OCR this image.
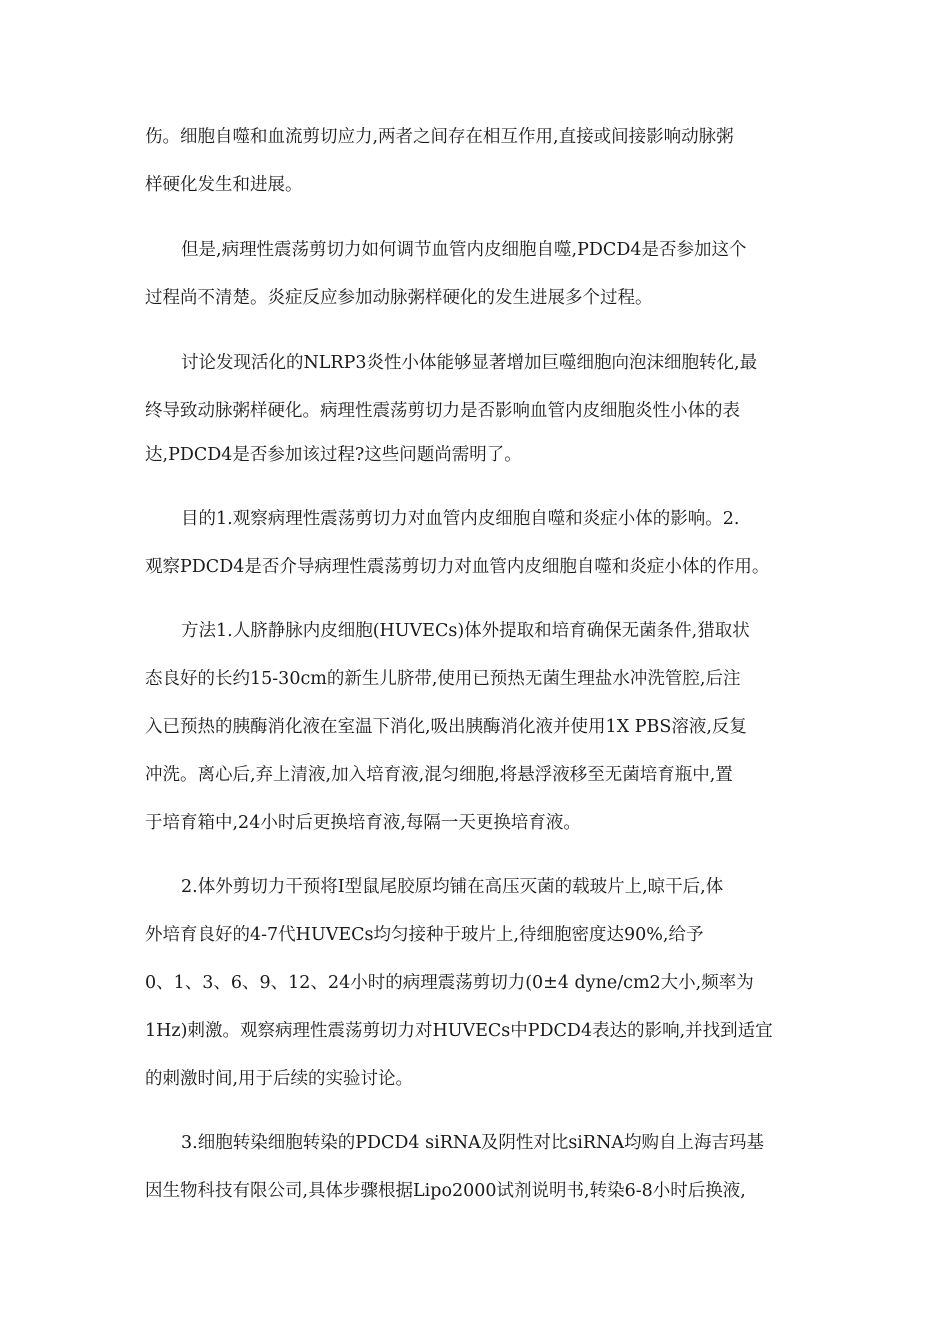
伤。细胞自噬和血流剪切应力,两者之间存在相互作用,直接或间接影响动脉粥
样硬化发生和进展。
但是,病理性震荡剪切力如何调节血管内皮细胞自噬,PDCD4是否参加这个
过程尚不清楚。炎症反应参加动脉粥样硬化的发生进展多个过程。
讨论发现活化的NLRP3炎性小体能够显著增加巨噬细胞向泡沫细胞转化,最
终导致动脉粥样硬化。病理性震荡剪切力是否影响血管内皮细胞炎性小体的表
达,PDCD4是否参加该过程?这些问题尚需明了。
目的1.观察病理性震荡剪切力对血管内皮细胞自噬和炎症小体的影响。2.
观察PDCD4是否介导病理性震荡剪切力对血管内皮细胞自噬和炎症小体的作用。
方法1.人脐静脉内皮细胞(HUVECs)体外提取和培育确保无菌条件,猎取状
态良好的长约15-30cm的新生儿脐带,使用已预热无菌生理盐水冲洗管腔,后注
入已预热的胰酶消化液在室温下消化,吸出胰酶消化液并使用1X PBS溶液,反复
冲洗。离心后,弃上清液,加入培育液,混匀细胞,将悬浮液移至无菌培育瓶中,置
于培育箱中,24小时后更换培育液,每隔一天更换培育液。
2.体外剪切力干预将I型鼠尾胶原均铺在高压灭菌的载玻片上,晾干后,体
外培育良好的4-7代HUVECs均匀接种于玻片上,待细胞密度达90%,给予
0、1、3、6、9、12、24小时的病理震荡剪切力(0±4 dyne/cm2大小,频率为
1Hz)刺激。观察病理性震荡剪切力对HUVECs中PDCD4表达的影响,并找到适宜
的刺激时间,用于后续的实验讨论。
3.细胞转染细胞转染的PDCD4 siRNA及阴性对比siRNA均购自上海吉玛基
因生物科技有限公司,具体步骤根据Lipo2000试剂说明书,转染6-8小时后换液,
